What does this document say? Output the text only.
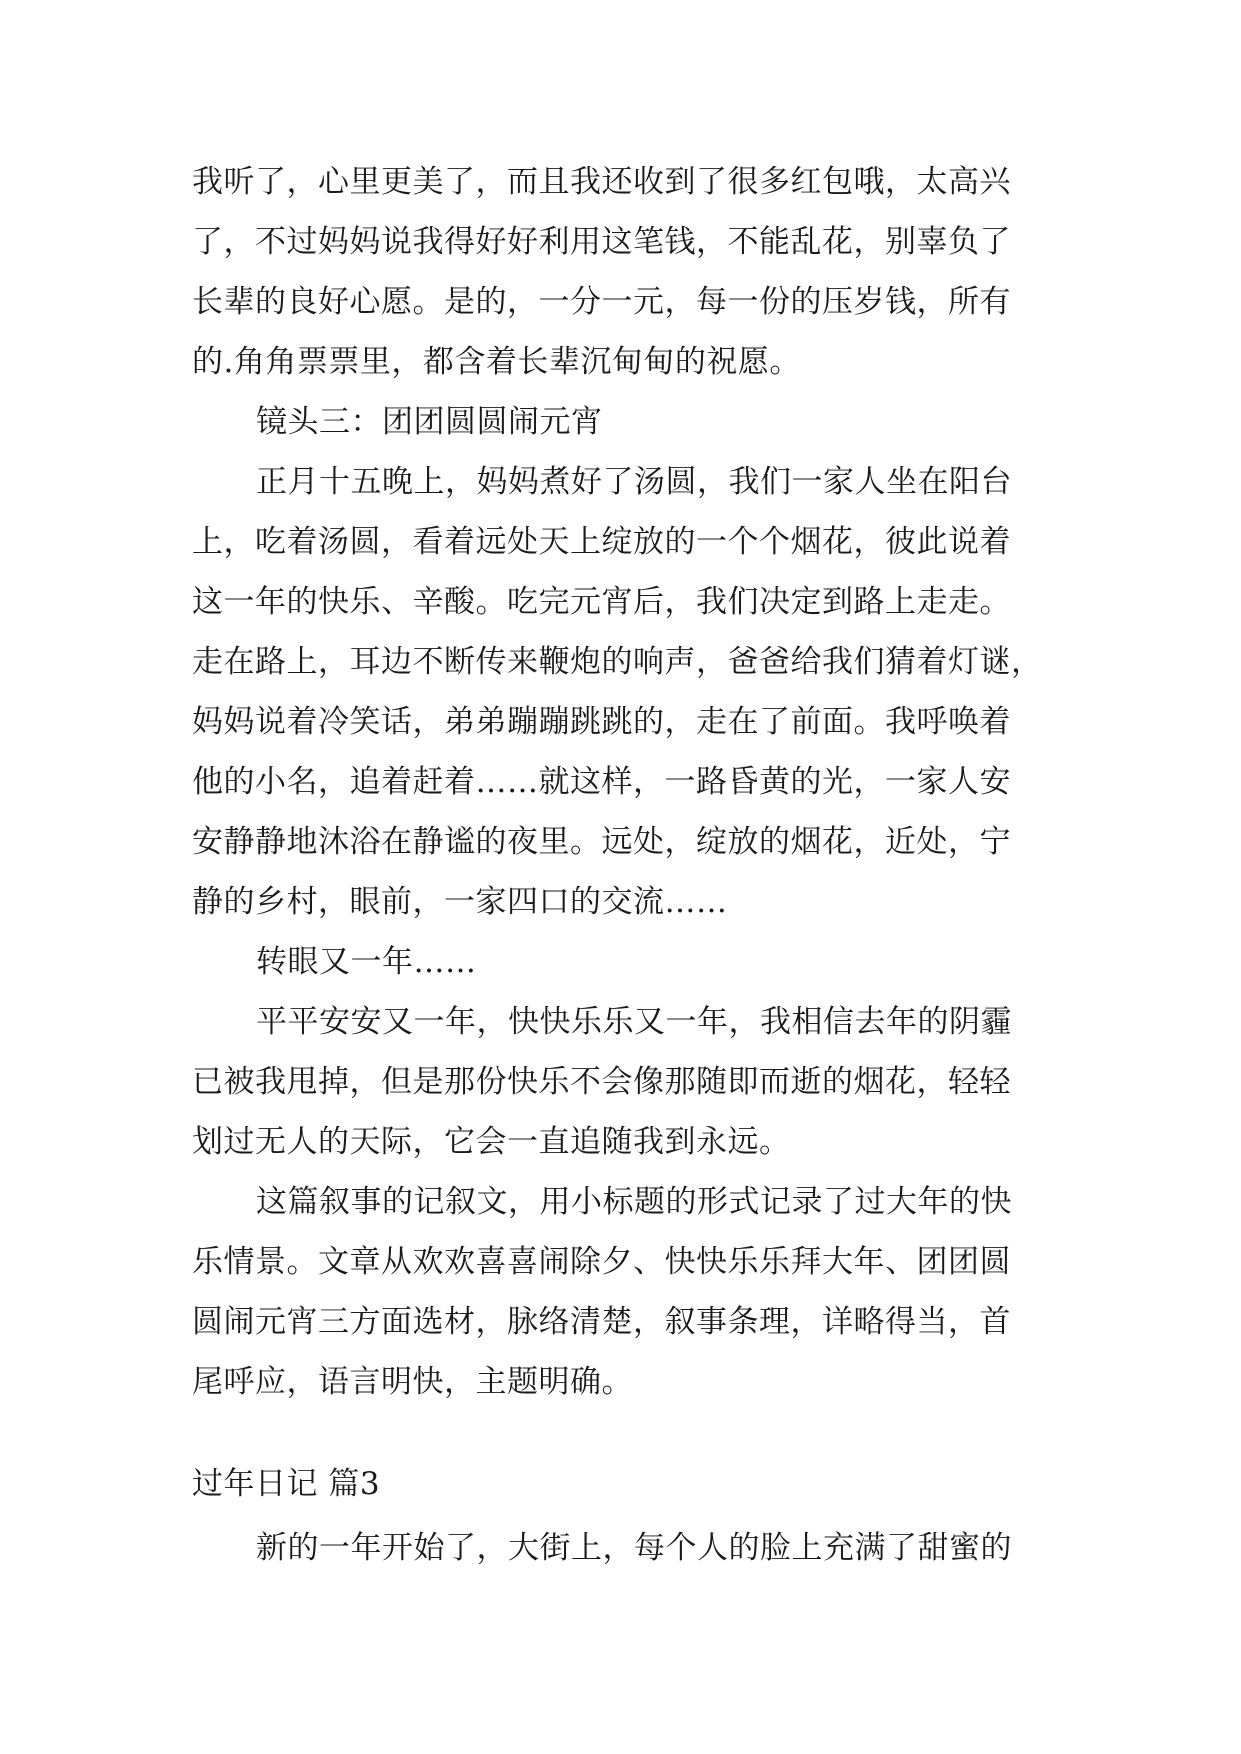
我听了，心里更美了，而且我还收到了很多红包哦，太高兴
了，不过妈妈说我得好好利用这笔钱，不能乱花，别辜负了
长辈的良好心愿。是的，一分一元，每一份的压岁钱，所有
的.角角票票里，都含着长辈沉甸甸的祝愿。
镜头三：团团圆圆闹元宵
正月十五晚上，妈妈煮好了汤圆，我们一家人坐在阳台
上，吃着汤圆，看着远处天上绽放的一个个烟花，彼此说着
这一年的快乐、辛酸。吃完元宵后，我们决定到路上走走。
走在路上，耳边不断传来鞭炮的响声，爸爸给我们猜着灯谜，
妈妈说着冷笑话，弟弟蹦蹦跳跳的，走在了前面。我呼唤着
他的小名，追着赶着……就这样，一路昏黄的光，一家人安
安静静地沐浴在静谧的夜里。远处，绽放的烟花，近处，宁
静的乡村，眼前，一家四口的交流……
转眼又一年……
平平安安又一年，快快乐乐又一年，我相信去年的阴霾
已被我甩掉，但是那份快乐不会像那随即而逝的烟花，轻轻
划过无人的天际，它会一直追随我到永远。
这篇叙事的记叙文，用小标题的形式记录了过大年的快
乐情景。文章从欢欢喜喜闹除夕、快快乐乐拜大年、团团圆
圆闹元宵三方面选材，脉络清楚，叙事条理，详略得当，首
尾呼应，语言明快，主题明确。
过年日记 篇3
新的一年开始了，大街上，每个人的脸上充满了甜蜜的
